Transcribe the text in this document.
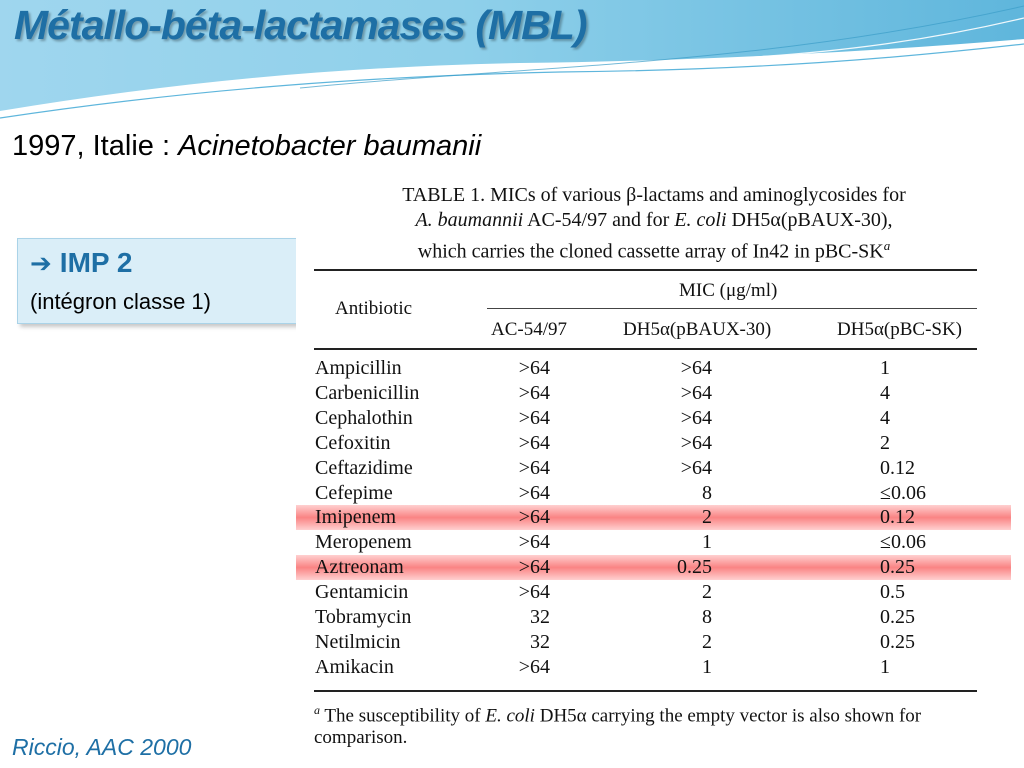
Métallo-béta-lactamases (MBL)
1997, Italie : Acinetobacter baumanii
➔ IMP 2
(intégron classe 1)
TABLE 1. MICs of various β-lactams and aminoglycosides for
A. baumannii AC-54/97 and for E. coli DH5α(pBAUX-30),
which carries the cloned cassette array of In42 in pBC-$SK^a$
Antibiotic
MIC (μg/ml)
AC-54/97	DH5α(pBAUX-30)	DH5α(pBC-SK)
Ampicillin	>64	>64	1
Carbenicillin	>64	>64	4
Cephalothin	>64	>64	4
Cefoxitin	>64	>64	2
Ceftazidime	>64	>64	0.12
Cefepime	>64	8	≤0.06
Imipenem	>64	2	0.12
Meropenem	>64	1	≤0.06
Aztreonam	>64	0.25	0.25
Gentamicin	>64	2	0.5
Tobramycin	32	8	0.25
Netilmicin	32	2	0.25
Amikacin	>64	1	1
$^a$ The susceptibility of E. coli DH5α carrying the empty vector is also shown for comparison.
Riccio, AAC 2000
